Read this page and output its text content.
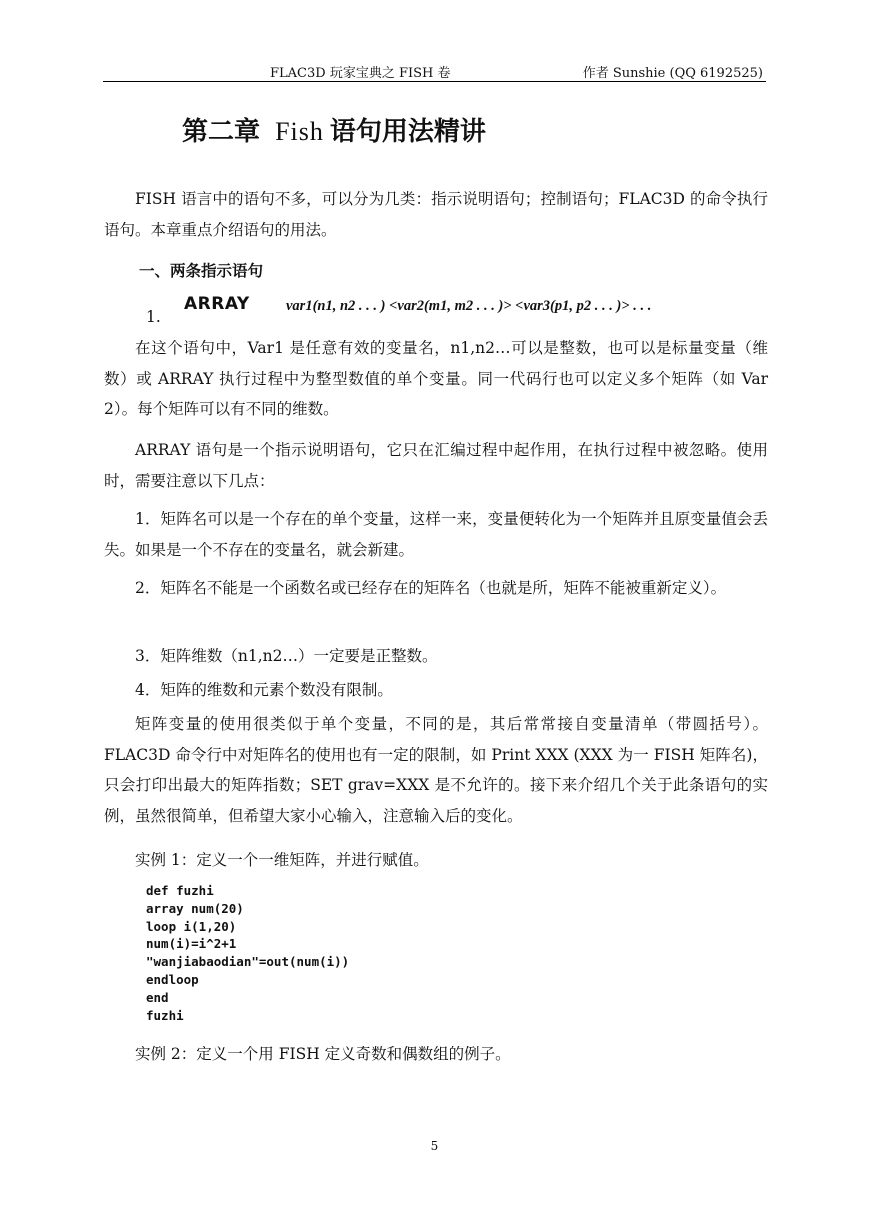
FLAC3D 玩家宝典之 FISH 卷	作者 Sunshie (QQ 6192525)
第二章 Fish 语句用法精讲
FISH 语言中的语句不多，可以分为几类：指示说明语句；控制语句；FLAC3D 的命令执行语句。本章重点介绍语句的用法。
一、两条指示语句
1.
ARRAY	var1(n1, n2 . . . ) <var2(m1, m2 . . . )> <var3(p1, p2 . . . )> . . .
在这个语句中，Var1 是任意有效的变量名，n1,n2…可以是整数，也可以是标量变量（维数）或 ARRAY 执行过程中为整型数值的单个变量。同一代码行也可以定义多个矩阵（如 Var 2）。每个矩阵可以有不同的维数。
ARRAY 语句是一个指示说明语句，它只在汇编过程中起作用，在执行过程中被忽略。使用时，需要注意以下几点：
1．矩阵名可以是一个存在的单个变量，这样一来，变量便转化为一个矩阵并且原变量值会丢失。如果是一个不存在的变量名，就会新建。
2．矩阵名不能是一个函数名或已经存在的矩阵名（也就是所，矩阵不能被重新定义）。
3．矩阵维数（n1,n2…）一定要是正整数。
4．矩阵的维数和元素个数没有限制。
矩阵变量的使用很类似于单个变量，不同的是，其后常常接自变量清单（带圆括号）。FLAC3D 命令行中对矩阵名的使用也有一定的限制，如 Print XXX (XXX 为一 FISH 矩阵名)，只会打印出最大的矩阵指数；SET grav=XXX 是不允许的。接下来介绍几个关于此条语句的实例，虽然很简单，但希望大家小心输入，注意输入后的变化。
实例 1：定义一个一维矩阵，并进行赋值。
def fuzhi
array num(20)
loop i(1,20)
num(i)=i^2+1
"wanjiabaodian"=out(num(i))
endloop
end
fuzhi
实例 2：定义一个用 FISH 定义奇数和偶数组的例子。
5
